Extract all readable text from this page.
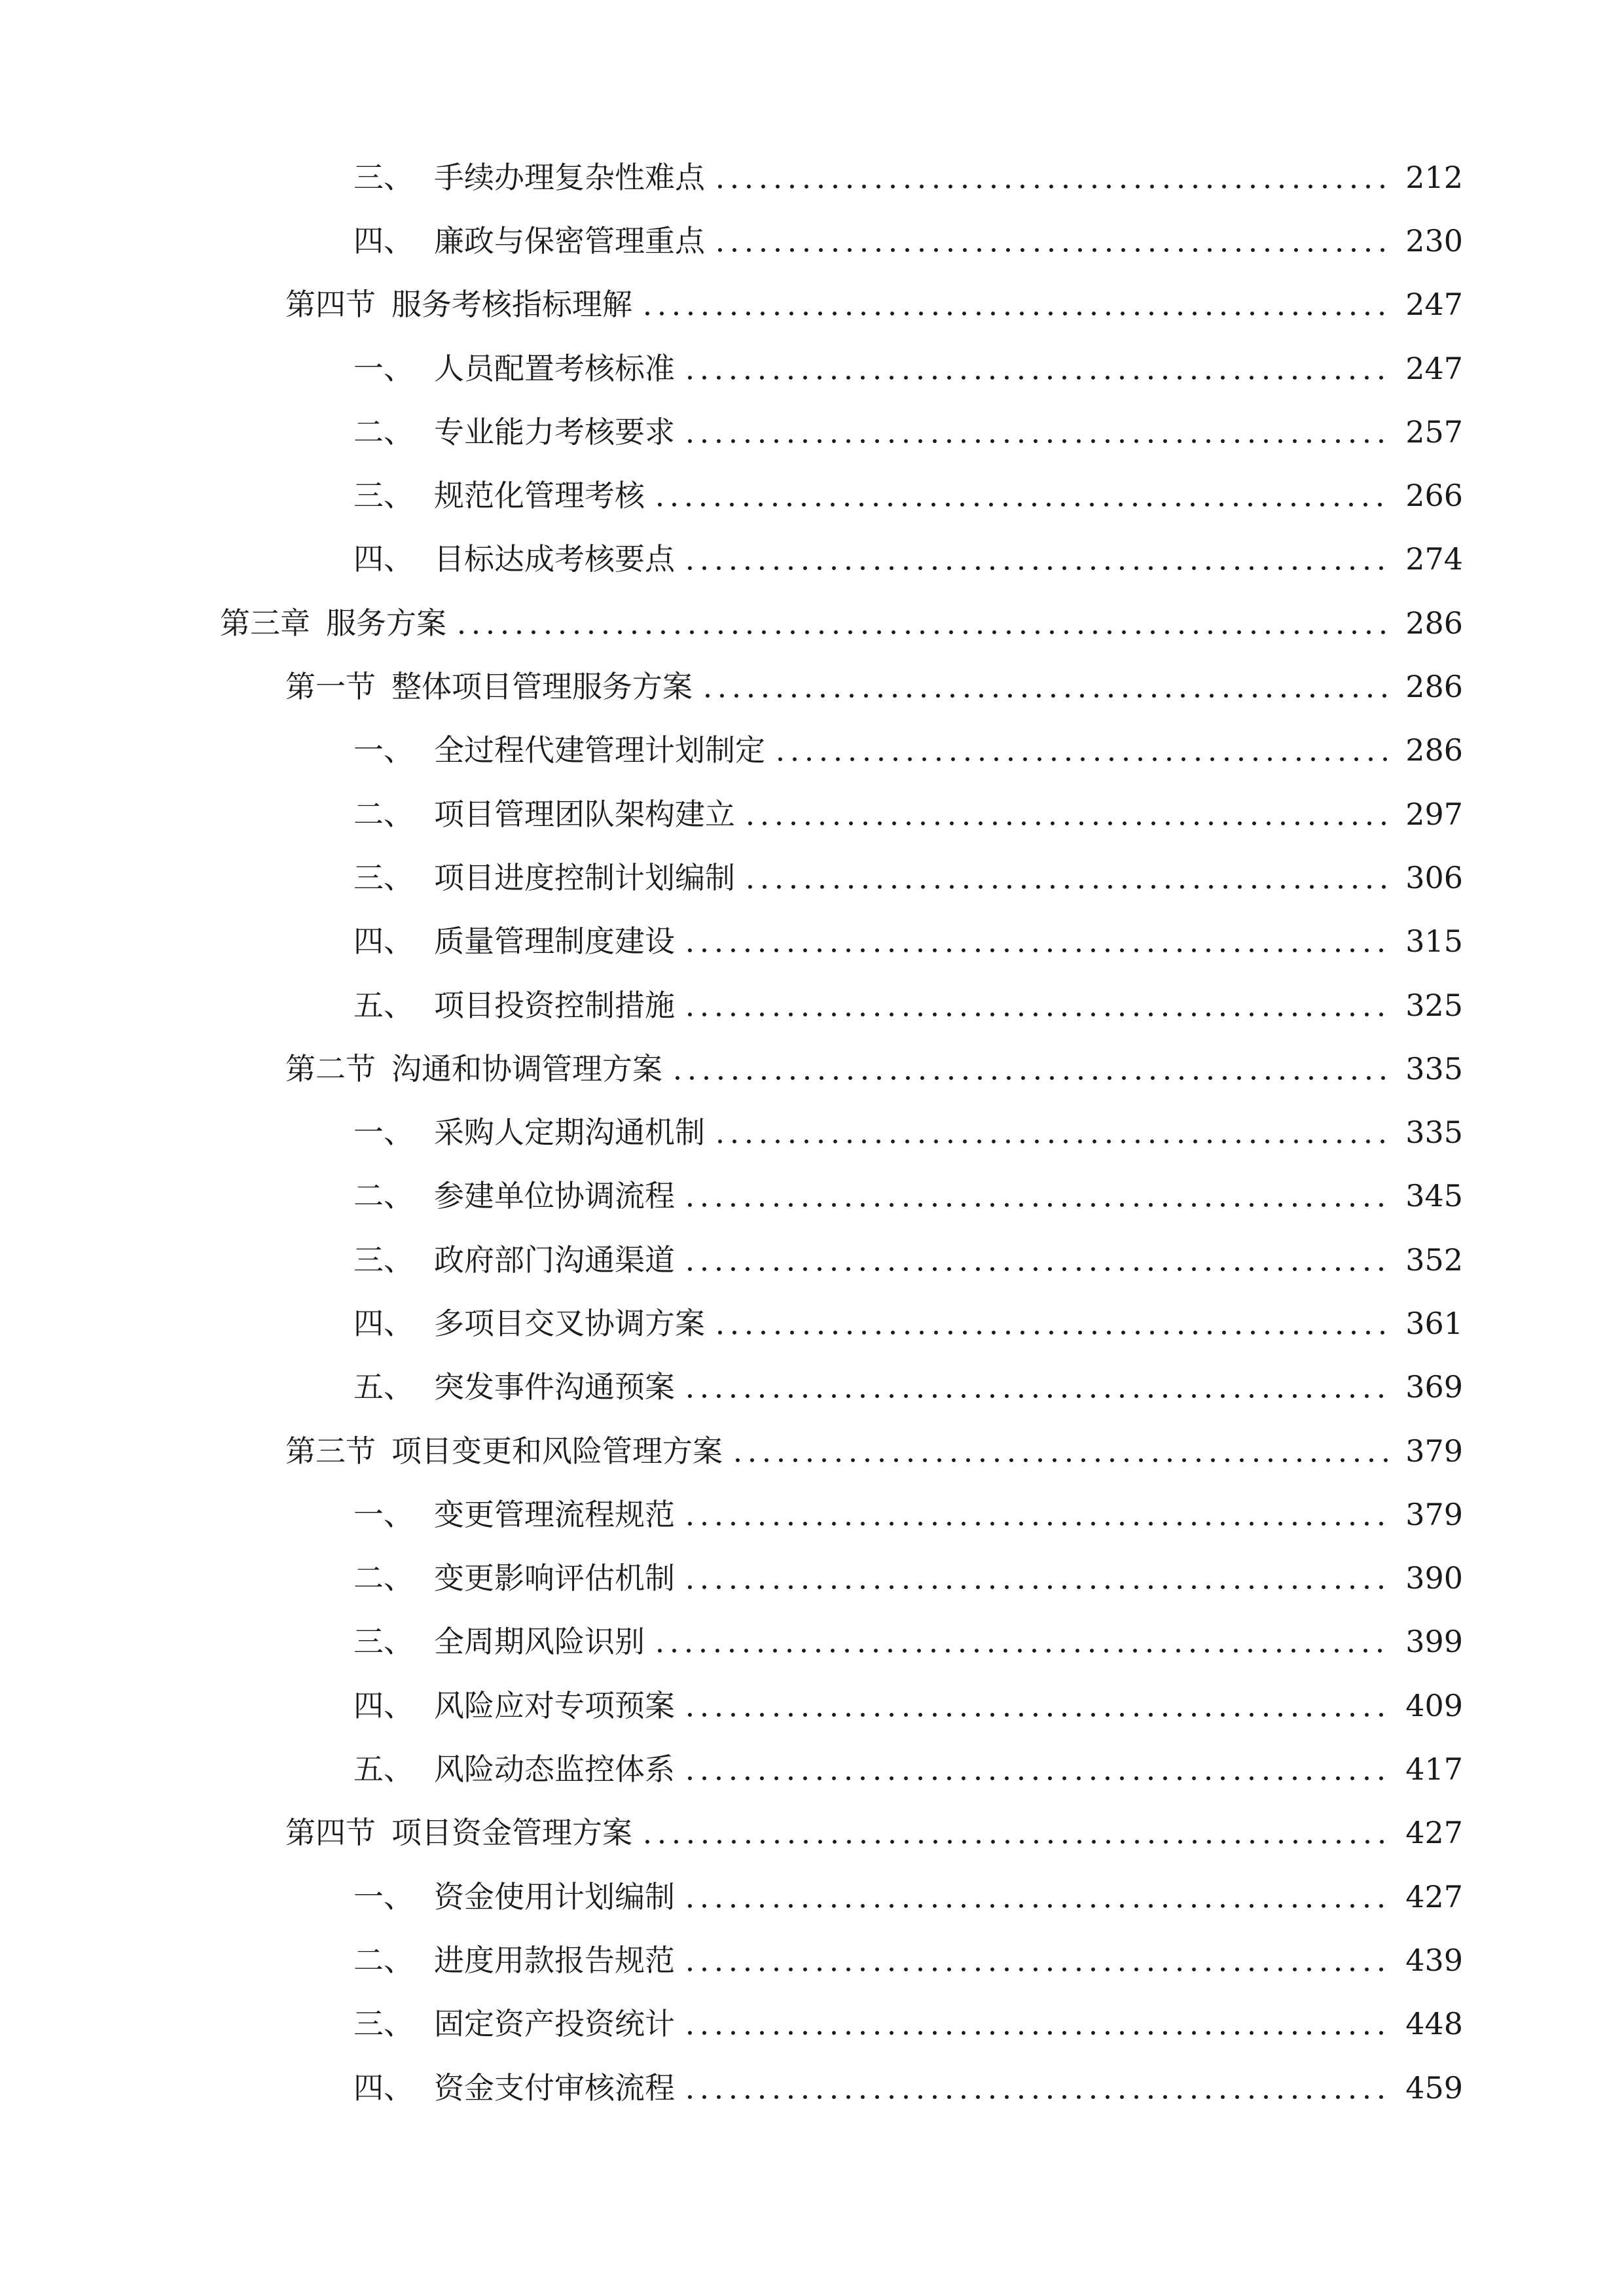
三、 手续办理复杂性难点	212
四、 廉政与保密管理重点	230
第四节 服务考核指标理解	247
一、 人员配置考核标准	247
二、 专业能力考核要求	257
三、 规范化管理考核	266
四、 目标达成考核要点	274
第三章 服务方案	286
第一节 整体项目管理服务方案	286
一、 全过程代建管理计划制定	286
二、 项目管理团队架构建立	297
三、 项目进度控制计划编制	306
四、 质量管理制度建设	315
五、 项目投资控制措施	325
第二节 沟通和协调管理方案	335
一、 采购人定期沟通机制	335
二、 参建单位协调流程	345
三、 政府部门沟通渠道	352
四、 多项目交叉协调方案	361
五、 突发事件沟通预案	369
第三节 项目变更和风险管理方案	379
一、 变更管理流程规范	379
二、 变更影响评估机制	390
三、 全周期风险识别	399
四、 风险应对专项预案	409
五、 风险动态监控体系	417
第四节 项目资金管理方案	427
一、 资金使用计划编制	427
二、 进度用款报告规范	439
三、 固定资产投资统计	448
四、 资金支付审核流程	459
